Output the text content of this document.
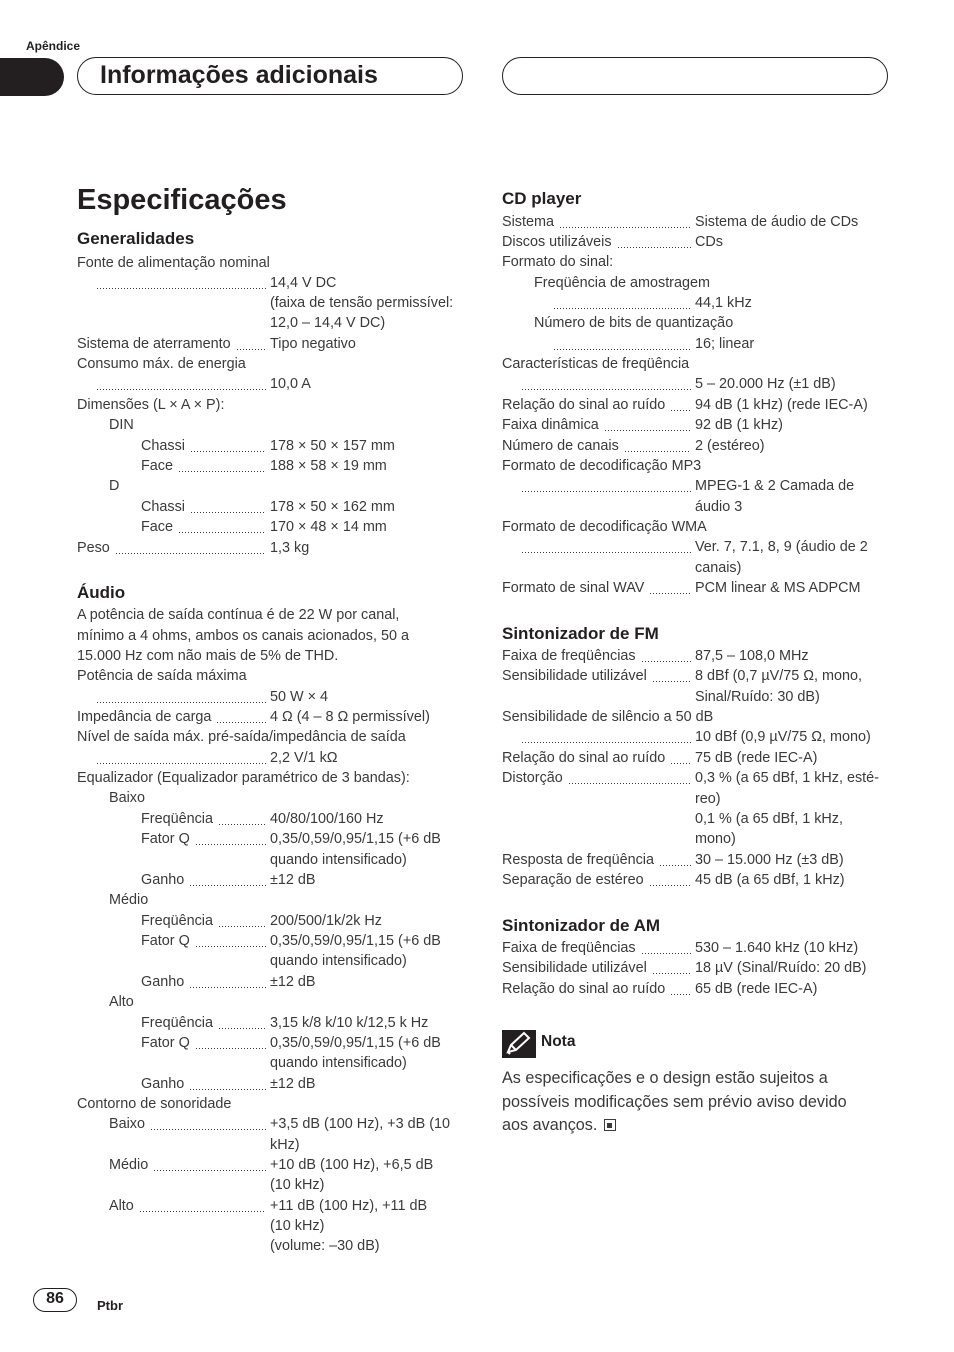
Apêndice
Informações adicionais
Especificações
Generalidades
Fonte de alimentação nominal
14,4 V DC
(faixa de tensão permissível:
12,0 – 14,4 V DC)
Sistema de aterramento	Tipo negativo
Consumo máx. de energia
10,0 A
Dimensões (L × A × P):
DIN
Chassi	178 × 50 × 157 mm
Face	188 × 58 × 19 mm
D
Chassi	178 × 50 × 162 mm
Face	170 × 48 × 14 mm
Peso	1,3 kg
Áudio
A potência de saída contínua é de 22 W por canal,
mínimo a 4 ohms, ambos os canais acionados, 50 a
15.000 Hz com não mais de 5% de THD.
Potência de saída máxima
50 W × 4
Impedância de carga	4 Ω (4 – 8 Ω permissível)
Nível de saída máx. pré-saída/impedância de saída
2,2 V/1 kΩ
Equalizador (Equalizador paramétrico de 3 bandas):
Baixo
Freqüência	40/80/100/160 Hz
Fator Q	0,35/0,59/0,95/1,15 (+6 dB
quando intensificado)
Ganho	±12 dB
Médio
Freqüência	200/500/1k/2k Hz
Fator Q	0,35/0,59/0,95/1,15 (+6 dB
quando intensificado)
Ganho	±12 dB
Alto
Freqüência	3,15 k/8 k/10 k/12,5 k Hz
Fator Q	0,35/0,59/0,95/1,15 (+6 dB
quando intensificado)
Ganho	±12 dB
Contorno de sonoridade
Baixo	+3,5 dB (100 Hz), +3 dB (10
kHz)
Médio	+10 dB (100 Hz), +6,5 dB
(10 kHz)
Alto	+11 dB (100 Hz), +11 dB
(10 kHz)
(volume: –30 dB)
CD player
Sistema	Sistema de áudio de CDs
Discos utilizáveis	CDs
Formato do sinal:
Freqüência de amostragem
44,1 kHz
Número de bits de quantização
16; linear
Características de freqüência
5 – 20.000 Hz (±1 dB)
Relação do sinal ao ruído 94 dB (1 kHz) (rede IEC-A)
Faixa dinâmica	92 dB (1 kHz)
Número de canais	2 (estéreo)
Formato de decodificação MP3
MPEG-1 & 2 Camada de
áudio 3
Formato de decodificação WMA
Ver. 7, 7.1, 8, 9 (áudio de 2
canais)
Formato de sinal WAV	PCM linear & MS ADPCM
Sintonizador de FM
Faixa de freqüências	87,5 – 108,0 MHz
Sensibilidade utilizável	8 dBf (0,7 µV/75 Ω, mono,
Sinal/Ruído: 30 dB)
Sensibilidade de silêncio a 50 dB
10 dBf (0,9 µV/75 Ω, mono)
Relação do sinal ao ruído 75 dB (rede IEC-A)
Distorção	0,3 % (a 65 dBf, 1 kHz, esté-
reo)
0,1 % (a 65 dBf, 1 kHz,
mono)
Resposta de freqüência	30 – 15.000 Hz (±3 dB)
Separação de estéreo	45 dB (a 65 dBf, 1 kHz)
Sintonizador de AM
Faixa de freqüências	530 – 1.640 kHz (10 kHz)
Sensibilidade utilizável	18 µV (Sinal/Ruído: 20 dB)
Relação do sinal ao ruído 65 dB (rede IEC-A)
Nota
As especificações e o design estão sujeitos a
possíveis modificações sem prévio aviso devido
aos avanços.
86	Ptbr
